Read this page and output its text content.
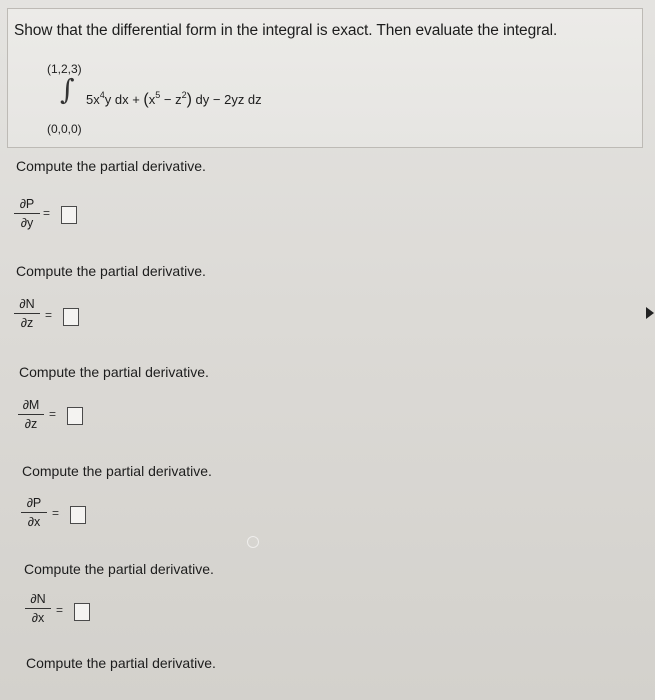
Show that the differential form in the integral is exact. Then evaluate the integral.
(1,2,3)
∫
(0,0,0)
$5x^4y$ dx + $(x^5 - z^2)$ dy − 2yz dz
Compute the partial derivative.
∂P
∂y
=
Compute the partial derivative.
∂N
∂z
=
Compute the partial derivative.
∂M
∂z
=
Compute the partial derivative.
∂P
∂x
=
Compute the partial derivative.
∂N
∂x
=
Compute the partial derivative.
